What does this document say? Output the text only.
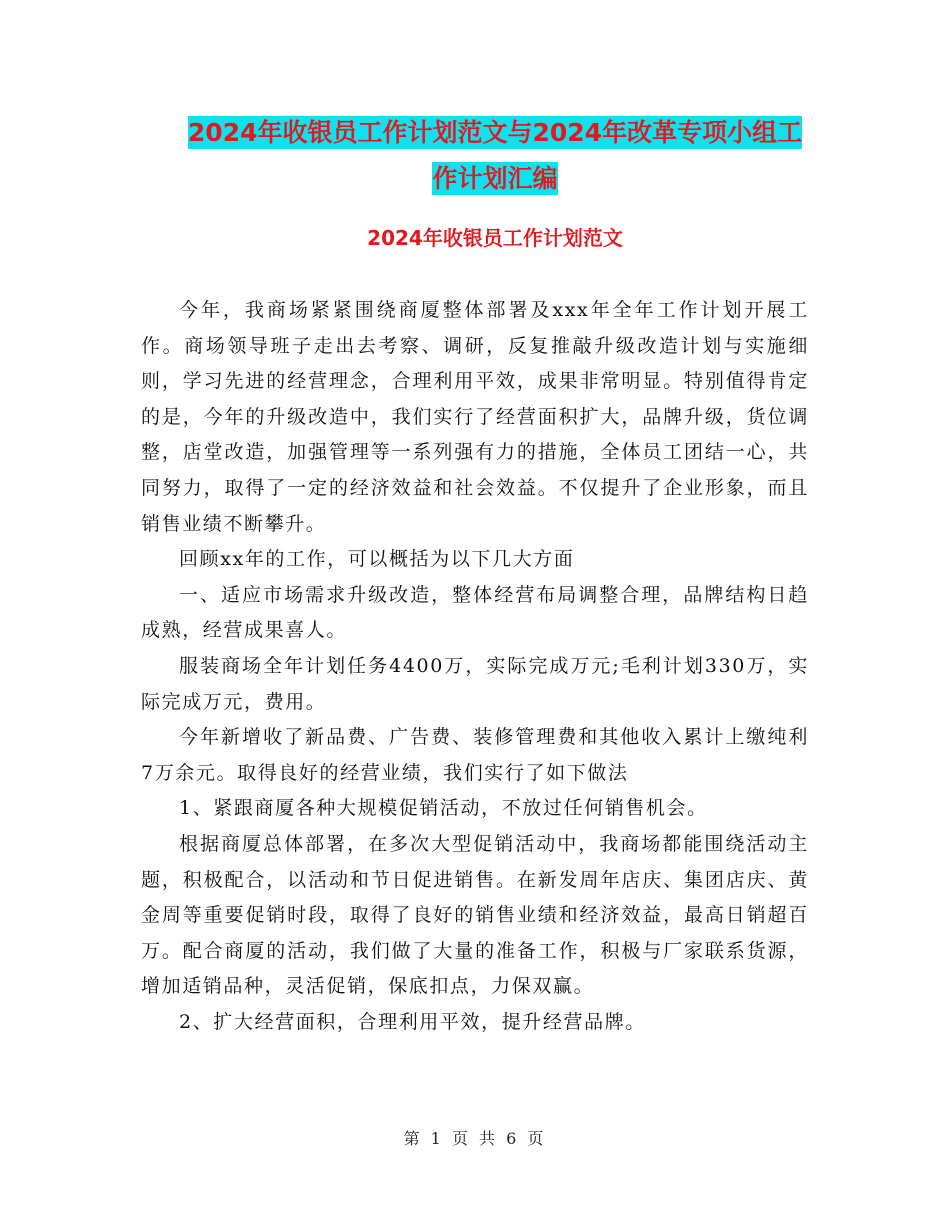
2024年收银员工作计划范文与2024年改革专项小组工
作计划汇编
2024年收银员工作计划范文

今年，我商场紧紧围绕商厦整体部署及xxx年全年工作计划开展工作。商场领导班子走出去考察、调研，反复推敲升级改造计划与实施细则，学习先进的经营理念，合理利用平效，成果非常明显。特别值得肯定的是，今年的升级改造中，我们实行了经营面积扩大，品牌升级，货位调整，店堂改造，加强管理等一系列强有力的措施，全体员工团结一心，共同努力，取得了一定的经济效益和社会效益。不仅提升了企业形象，而且销售业绩不断攀升。

回顾xx年的工作，可以概括为以下几大方面

一、适应市场需求升级改造，整体经营布局调整合理，品牌结构日趋成熟，经营成果喜人。

服装商场全年计划任务4400万，实际完成万元;毛利计划330万，实际完成万元，费用。

今年新增收了新品费、广告费、装修管理费和其他收入累计上缴纯利7万余元。取得良好的经营业绩，我们实行了如下做法

1、紧跟商厦各种大规模促销活动，不放过任何销售机会。

根据商厦总体部署，在多次大型促销活动中，我商场都能围绕活动主题，积极配合，以活动和节日促进销售。在新发周年店庆、集团店庆、黄金周等重要促销时段，取得了良好的销售业绩和经济效益，最高日销超百万。配合商厦的活动，我们做了大量的准备工作，积极与厂家联系货源，增加适销品种，灵活促销，保底扣点，力保双赢。

2、扩大经营面积，合理利用平效，提升经营品牌。

第 1 页 共 6 页
